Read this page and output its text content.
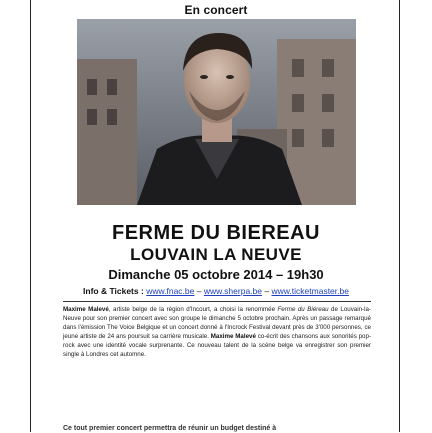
En concert
FERME DU BIEREAU
LOUVAIN LA NEUVE
Dimanche 05 octobre 2014 – 19h30
Info & Tickets : www.fnac.be – www.sherpa.be – www.ticketmaster.be
Maxime Malevé, artiste belge de la région d'Incourt, a choisi la renommée Ferme du Biéreau de Louvain-la-Neuve pour son premier concert avec son groupe le dimanche 5 octobre prochain. Après un passage remarqué dans l'émission The Voice Belgique et un concert donné à l'Incrock Festival devant près de 3'000 personnes, ce jeune artiste de 24 ans poursuit sa carrière musicale. Maxime Malevé co-écrit des chansons aux sonorités pop-rock avec une identité vocale surprenante. Ce nouveau talent de la scène belge va enregistrer son premier single à Londres cet automne.
Ce tout premier concert permettra de réunir un budget destiné à
